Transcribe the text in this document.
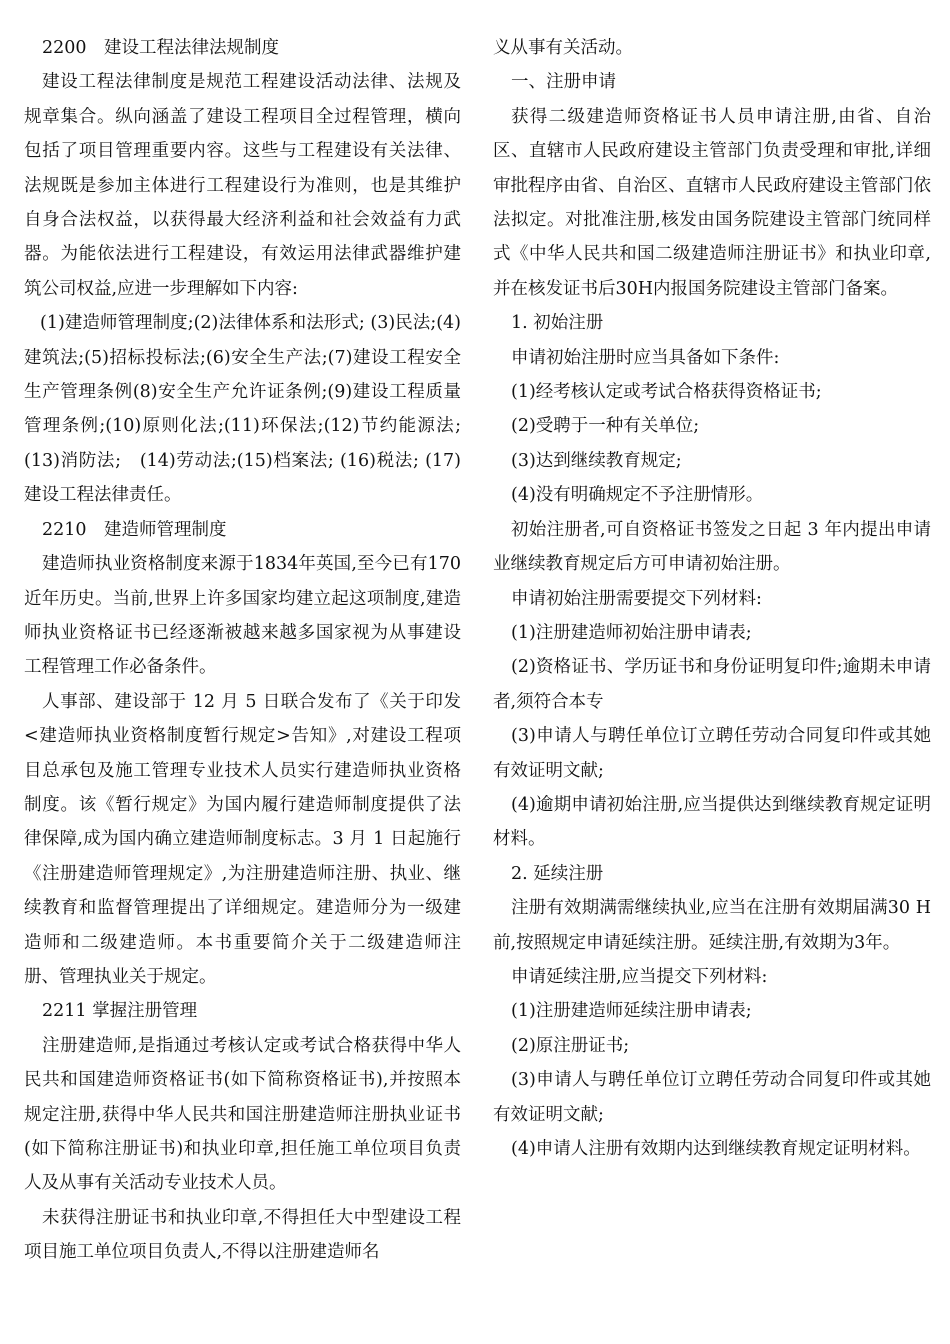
2200　建设工程法律法规制度

建设工程法律制度是规范工程建设活动法律、法规及规章集合。纵向涵盖了建设工程项目全过程管理，横向包括了项目管理重要内容。这些与工程建设有关法律、法规既是参加主体进行工程建设行为准则，也是其维护自身合法权益，以获得最大经济利益和社会效益有力武器。为能依法进行工程建设，有效运用法律武器维护建筑公司权益,应进一步理解如下内容:

(1)建造师管理制度;(2)法律体系和法形式; (3)民法;(4)建筑法;(5)招标投标法;(6)安全生产法;(7)建设工程安全生产管理条例(8)安全生产允许证条例;(9)建设工程质量管理条例;(10)原则化法;(11)环保法;(12)节约能源法;(13)消防法;　(14)劳动法;(15)档案法; (16)税法; (17)建设工程法律责任。

2210　建造师管理制度

建造师执业资格制度来源于1834年英国,至今已有170 近年历史。当前,世界上许多国家均建立起这项制度,建造师执业资格证书已经逐渐被越来越多国家视为从事建设工程管理工作必备条件。

人事部、建设部于 12 月 5 日联合发布了《关于印发<建造师执业资格制度暂行规定>告知》,对建设工程项目总承包及施工管理专业技术人员实行建造师执业资格制度。该《暂行规定》为国内履行建造师制度提供了法律保障,成为国内确立建造师制度标志。3 月 1 日起施行《注册建造师管理规定》,为注册建造师注册、执业、继续教育和监督管理提出了详细规定。建造师分为一级建造师和二级建造师。本书重要简介关于二级建造师注册、管理执业关于规定。

2211 掌握注册管理

注册建造师,是指通过考核认定或考试合格获得中华人民共和国建造师资格证书(如下简称资格证书),并按照本规定注册,获得中华人民共和国注册建造师注册执业证书(如下简称注册证书)和执业印章,担任施工单位项目负责人及从事有关活动专业技术人员。

未获得注册证书和执业印章,不得担任大中型建设工程项目施工单位项目负责人,不得以注册建造师名

义从事有关活动。

一、注册申请

获得二级建造师资格证书人员申请注册,由省、自治区、直辖市人民政府建设主管部门负责受理和审批,详细审批程序由省、自治区、直辖市人民政府建设主管部门依法拟定。对批准注册,核发由国务院建设主管部门统同样式《中华人民共和国二级建造师注册证书》和执业印章,并在核发证书后30H内报国务院建设主管部门备案。

1. 初始注册

申请初始注册时应当具备如下条件:

(1)经考核认定或考试合格获得资格证书;

(2)受聘于一种有关单位;

(3)达到继续教育规定;

(4)没有明确规定不予注册情形。

初始注册者,可自资格证书签发之日起 3 年内提出申请业继续教育规定后方可申请初始注册。

申请初始注册需要提交下列材料:

(1)注册建造师初始注册申请表;

(2)资格证书、学历证书和身份证明复印件;逾期未申请者,须符合本专

(3)申请人与聘任单位订立聘任劳动合同复印件或其她有效证明文献;

(4)逾期申请初始注册,应当提供达到继续教育规定证明材料。

2. 延续注册

注册有效期满需继续执业,应当在注册有效期届满30 H 前,按照规定申请延续注册。延续注册,有效期为3年。

申请延续注册,应当提交下列材料:

(1)注册建造师延续注册申请表;

(2)原注册证书;

(3)申请人与聘任单位订立聘任劳动合同复印件或其她有效证明文献;

(4)申请人注册有效期内达到继续教育规定证明材料。
